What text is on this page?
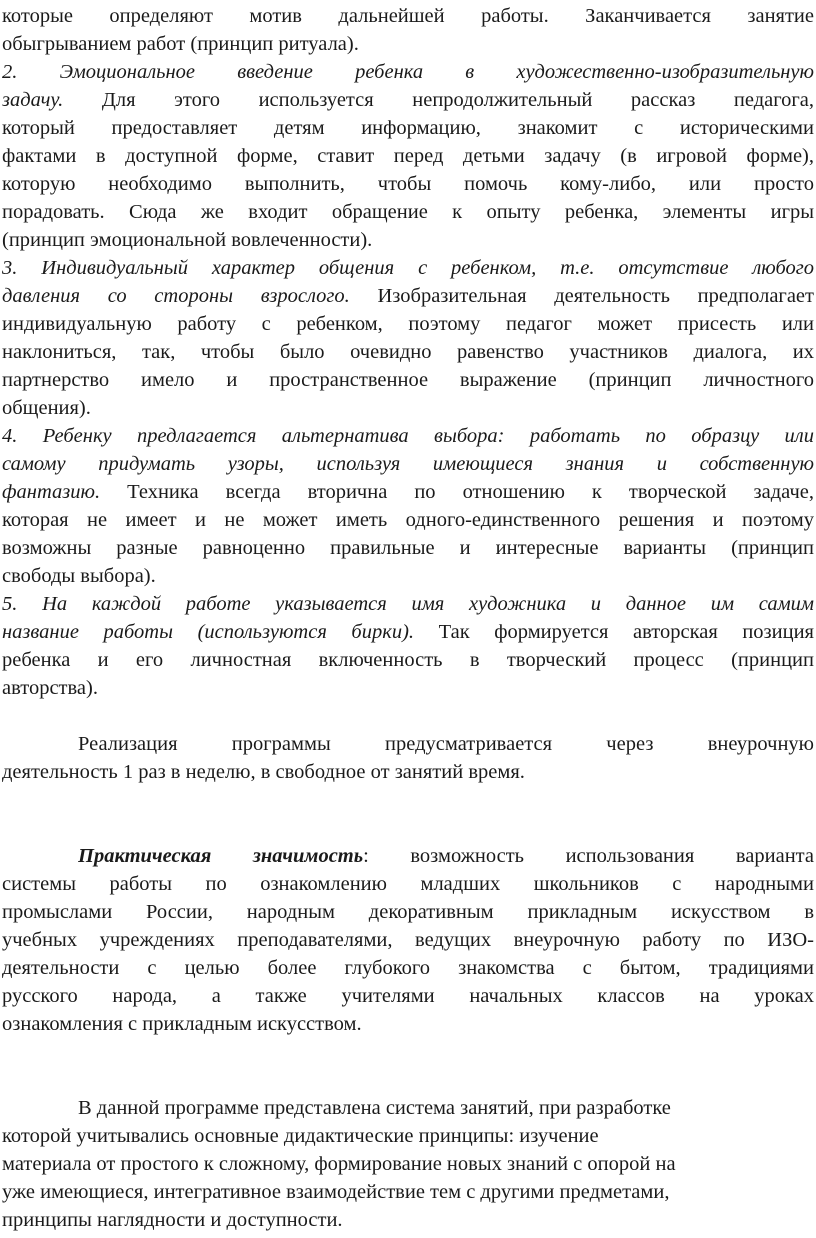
которые определяют мотив дальнейшей работы. Заканчивается занятие
обыгрыванием работ (принцип ритуала).
2. Эмоциональное введение ребенка в художественно-изобразительную
задачу. Для этого используется непродолжительный рассказ педагога,
который предоставляет детям информацию, знакомит с историческими
фактами в доступной форме, ставит перед детьми задачу (в игровой форме),
которую необходимо выполнить, чтобы помочь кому-либо, или просто
порадовать. Сюда же входит обращение к опыту ребенка, элементы игры
(принцип эмоциональной вовлеченности).
3. Индивидуальный характер общения с ребенком, т.е. отсутствие любого
давления со стороны взрослого. Изобразительная деятельность предполагает
индивидуальную работу с ребенком, поэтому педагог может присесть или
наклониться, так, чтобы было очевидно равенство участников диалога, их
партнерство имело и пространственное выражение (принцип личностного
общения).
4. Ребенку предлагается альтернатива выбора: работать по образцу или
самому придумать узоры, используя имеющиеся знания и собственную
фантазию. Техника всегда вторична по отношению к творческой задаче,
которая не имеет и не может иметь одного-единственного решения и поэтому
возможны разные равноценно правильные и интересные варианты (принцип
свободы выбора).
5. На каждой работе указывается имя художника и данное им самим
название работы (используются бирки). Так формируется авторская позиция
ребенка и его личностная включенность в творческий процесс (принцип
авторства).
Реализация программы предусматривается через внеурочную
деятельность 1 раз в неделю, в свободное от занятий время.
Практическая значимость: возможность использования варианта
системы работы по ознакомлению младших школьников с народными
промыслами России, народным декоративным прикладным искусством в
учебных учреждениях преподавателями, ведущих внеурочную работу по ИЗО-
деятельности с целью более глубокого знакомства с бытом, традициями
русского народа, а также учителями начальных классов на уроках
ознакомления с прикладным искусством.
В данной программе представлена система занятий, при разработке
которой учитывались основные дидактические принципы: изучение
материала от простого к сложному, формирование новых знаний с опорой на
уже имеющиеся, интегративное взаимодействие тем с другими предметами,
принципы наглядности и доступности.
